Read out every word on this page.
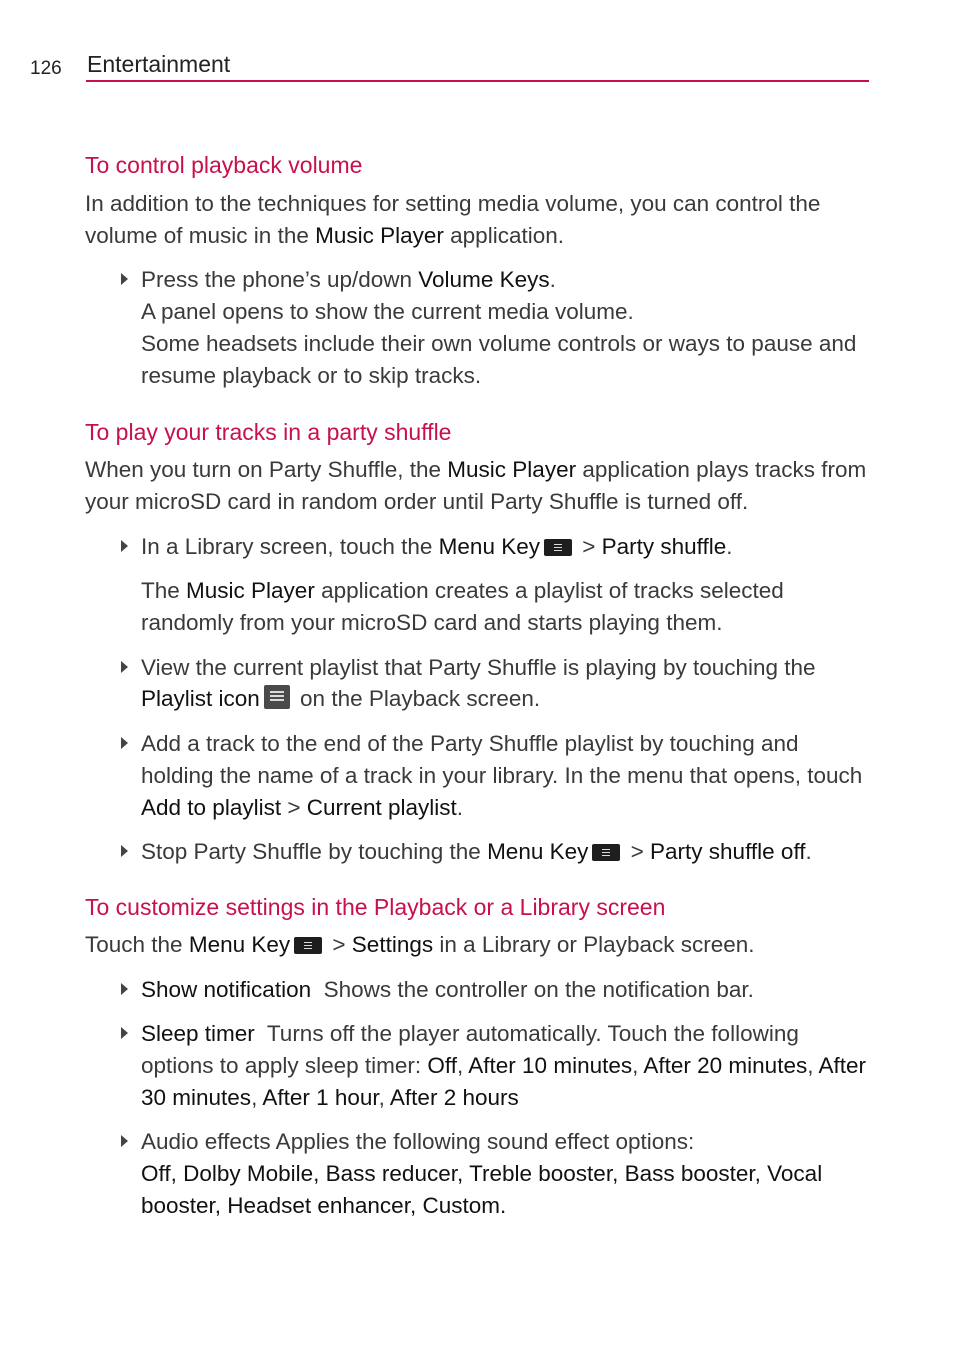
126 Entertainment
To control playback volume

In addition to the techniques for setting media volume, you can control the volume of music in the Music Player application.

Press the phone’s up/down Volume Keys.
A panel opens to show the current media volume.
Some headsets include their own volume controls or ways to pause and resume playback or to skip tracks.
To play your tracks in a party shuffle

When you turn on Party Shuffle, the Music Player application plays tracks from your microSD card in random order until Party Shuffle is turned off.

In a Library screen, touch the Menu Key > Party shuffle.

The Music Player application creates a playlist of tracks selected randomly from your microSD card and starts playing them.

View the current playlist that Party Shuffle is playing by touching the Playlist icon on the Playback screen.
Add a track to the end of the Party Shuffle playlist by touching and holding the name of a track in your library. In the menu that opens, touch Add to playlist > Current playlist.
Stop Party Shuffle by touching the Menu Key > Party shuffle off.
To customize settings in the Playback or a Library screen

Touch the Menu Key > Settings in a Library or Playback screen.

Show notification  Shows the controller on the notification bar.
Sleep timer  Turns off the player automatically. Touch the following options to apply sleep timer: Off, After 10 minutes, After 20 minutes, After 30 minutes, After 1 hour, After 2 hours
Audio effects Applies the following sound effect options:
Off, Dolby Mobile, Bass reducer, Treble booster, Bass booster, Vocal booster, Headset enhancer, Custom.
